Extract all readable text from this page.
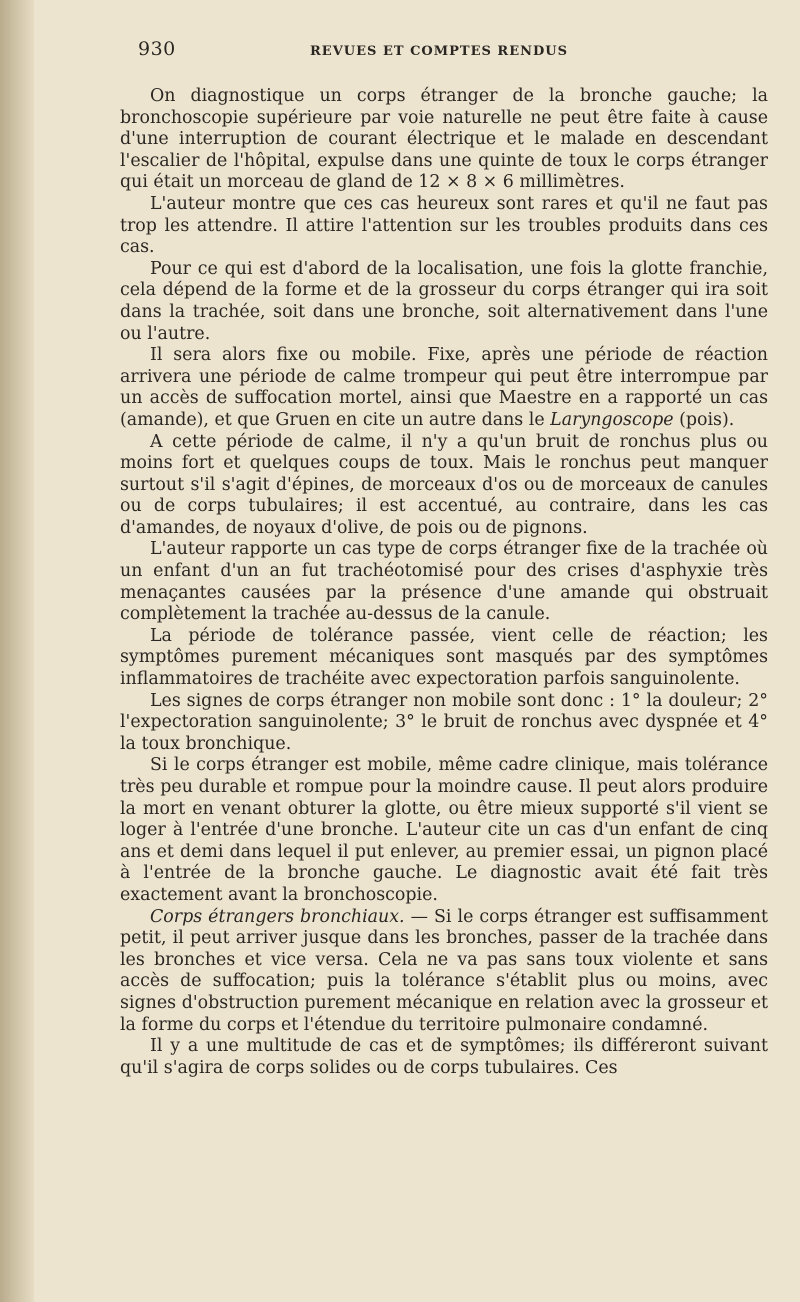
930	REVUES ET COMPTES RENDUS

On diagnostique un corps étranger de la bronche gauche; la bronchoscopie supérieure par voie naturelle ne peut être faite à cause d'une interruption de courant électrique et le malade en descendant l'escalier de l'hôpital, expulse dans une quinte de toux le corps étranger qui était un morceau de gland de 12 × 8 × 6 millimètres.

L'auteur montre que ces cas heureux sont rares et qu'il ne faut pas trop les attendre. Il attire l'attention sur les troubles produits dans ces cas.

Pour ce qui est d'abord de la localisation, une fois la glotte franchie, cela dépend de la forme et de la grosseur du corps étranger qui ira soit dans la trachée, soit dans une bronche, soit alternativement dans l'une ou l'autre.

Il sera alors fixe ou mobile. Fixe, après une période de réaction arrivera une période de calme trompeur qui peut être interrompue par un accès de suffocation mortel, ainsi que Maestre en a rapporté un cas (amande), et que Gruen en cite un autre dans le Laryngoscope (pois).

A cette période de calme, il n'y a qu'un bruit de ronchus plus ou moins fort et quelques coups de toux. Mais le ronchus peut manquer surtout s'il s'agit d'épines, de morceaux d'os ou de morceaux de canules ou de corps tubulaires; il est accentué, au contraire, dans les cas d'amandes, de noyaux d'olive, de pois ou de pignons.

L'auteur rapporte un cas type de corps étranger fixe de la trachée où un enfant d'un an fut trachéotomisé pour des crises d'asphyxie très menaçantes causées par la présence d'une amande qui obstruait complètement la trachée au-dessus de la canule.

La période de tolérance passée, vient celle de réaction; les symptômes purement mécaniques sont masqués par des symptômes inflammatoires de trachéite avec expectoration parfois sanguinolente.

Les signes de corps étranger non mobile sont donc : 1° la douleur; 2° l'expectoration sanguinolente; 3° le bruit de ronchus avec dyspnée et 4° la toux bronchique.

Si le corps étranger est mobile, même cadre clinique, mais tolérance très peu durable et rompue pour la moindre cause. Il peut alors produire la mort en venant obturer la glotte, ou être mieux supporté s'il vient se loger à l'entrée d'une bronche. L'auteur cite un cas d'un enfant de cinq ans et demi dans lequel il put enlever, au premier essai, un pignon placé à l'entrée de la bronche gauche. Le diagnostic avait été fait très exactement avant la bronchoscopie.

Corps étrangers bronchiaux. — Si le corps étranger est suffisamment petit, il peut arriver jusque dans les bronches, passer de la trachée dans les bronches et vice versa. Cela ne va pas sans toux violente et sans accès de suffocation; puis la tolérance s'établit plus ou moins, avec signes d'obstruction purement mécanique en relation avec la grosseur et la forme du corps et l'étendue du territoire pulmonaire condamné.

Il y a une multitude de cas et de symptômes; ils différeront suivant qu'il s'agira de corps solides ou de corps tubulaires. Ces
